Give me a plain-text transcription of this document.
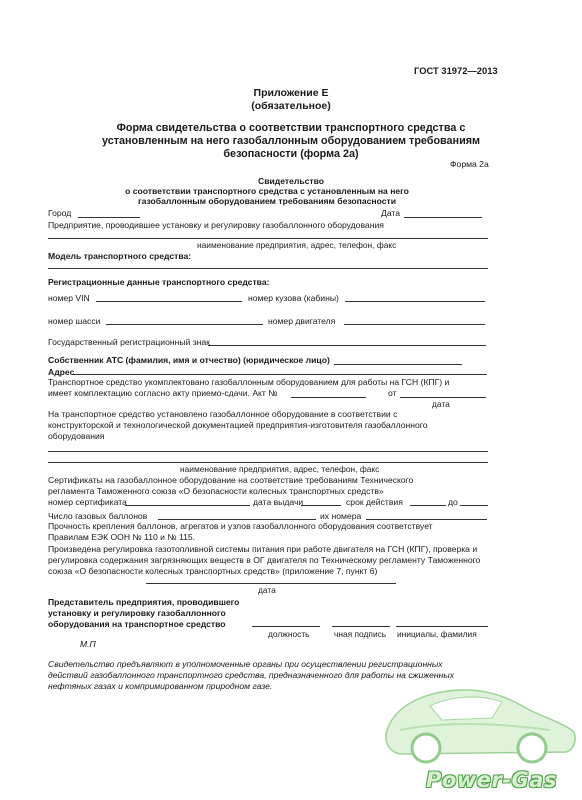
ГОСТ 31972—2013
Приложение Е
(обязательное)
Форма свидетельства о соответствии транспортного средства с
установленным на него газобаллонным оборудованием требованиям
безопасности (форма 2а)
Форма 2а
Свидетельство
о соответствии транспортного средства с установленным на него
газобаллонным оборудованием требованиям безопасности
Город	Дата
Предприятие, проводившее установку и регулировку газобаллонного оборудования
наименование предприятия, адрес, телефон, факс
Модель транспортного средства:
Регистрационные данные транспортного средства:
номер VIN	номер кузова (кабины)
номер шасси	номер двигателя
Государственный регистрационный знак
Собственник АТС (фамилия, имя и отчество) (юридическое лицо)
Адрес
Транспортное средство укомплектовано газобаллонным оборудованием для работы на ГСН (КПГ) и
имеет комплектацию согласно акту приемо-сдачи. Акт №	от
дата
На транспортное средство установлено газобаллонное оборудование в соответствии с
конструкторской и технологической документацией предприятия-изготовителя газобаллонного
оборудования
наименование предприятия, адрес, телефон, факс
Сертификаты на газобаллонное оборудование на соответствие требованиям Технического
регламента Таможенного союза «О безопасности колесных транспортных средств»
номер сертификата	дата выдачи	срок действия	до
Число газовых баллонов	их номера
Прочность крепления баллонов, агрегатов и узлов газобаллонного оборудования соответствует
Правилам ЕЭК ООН № 110 и № 115.
Произведена регулировка газотопливной системы питания при работе двигателя на ГСН (КПГ), проверка и
регулировка содержания загрязняющих веществ в ОГ двигателя по Техническому регламенту Таможенного
союза «О безопасности колесных транспортных средств» (приложение 7, пункт 6)
дата
Представитель предприятия, проводившего
установку и регулировку газобаллонного
оборудования на транспортное средство
должность	чная подпись инициалы, фамилия
М.П
Свидетельство предъявляют в уполномоченные органы при осуществлении регистрационных
действий газобаллонного транспортного средства, предназначенного для работы на сжиженных
нефтяных газах и компримированном природном газе.
Power-Gas
